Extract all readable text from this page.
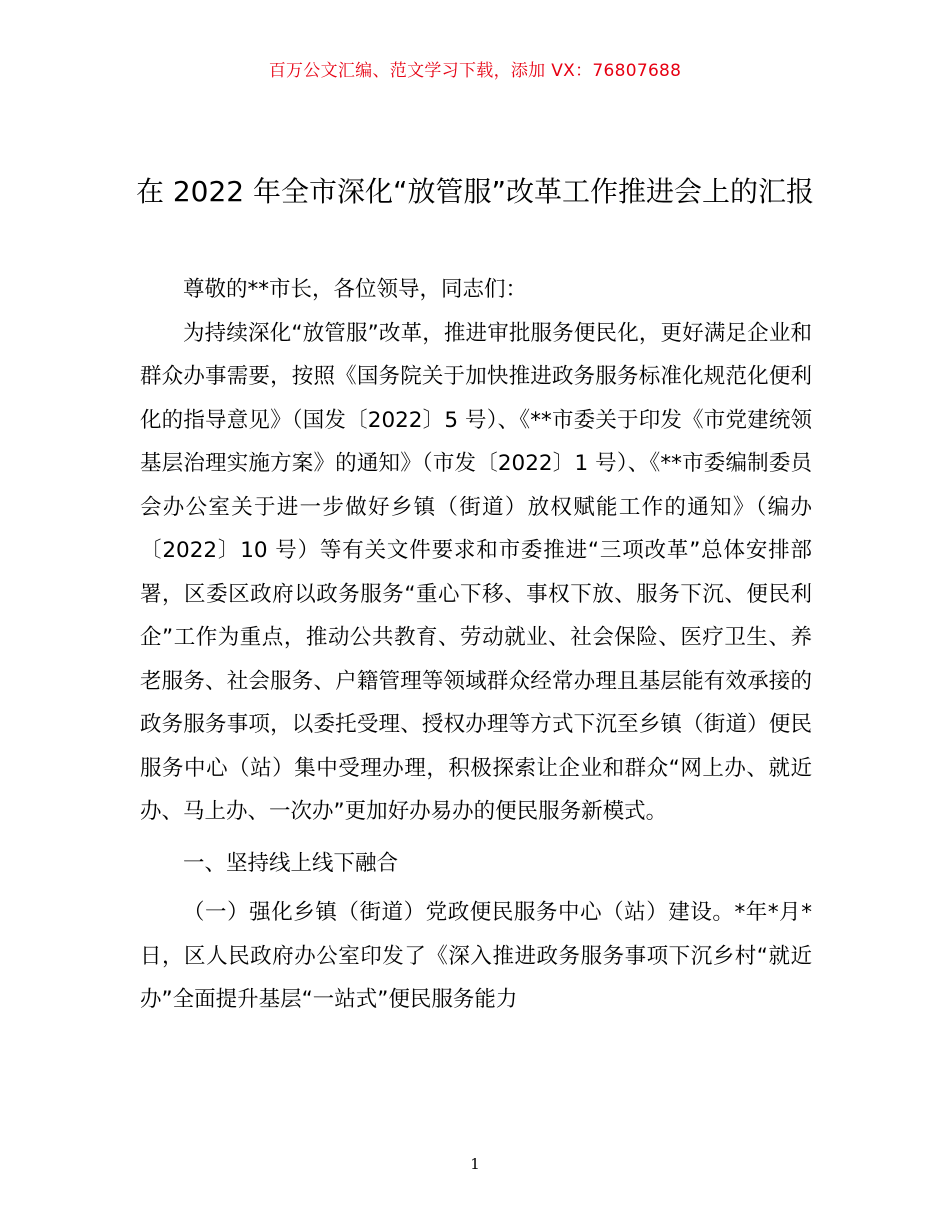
百万公文汇编、范文学习下载，添加 VX：76807688
在 2022 年全市深化“放管服”改革工作推进会上的汇报

尊敬的**市长，各位领导，同志们：

为持续深化“放管服”改革，推进审批服务便民化，更好满足企业和群众办事需要，按照《国务院关于加快推进政务服务标准化规范化便利化的指导意见》（国发〔2022〕5 号）、《**市委关于印发《市党建统领基层治理实施方案》的通知》（市发〔2022〕1 号）、《**市委编制委员会办公室关于进一步做好乡镇（街道）放权赋能工作的通知》（编办〔2022〕10 号）等有关文件要求和市委推进“三项改革”总体安排部署，区委区政府以政务服务“重心下移、事权下放、服务下沉、便民利企”工作为重点，推动公共教育、劳动就业、社会保险、医疗卫生、养老服务、社会服务、户籍管理等领域群众经常办理且基层能有效承接的政务服务事项，以委托受理、授权办理等方式下沉至乡镇（街道）便民服务中心（站）集中受理办理，积极探索让企业和群众“网上办、就近办、马上办、一次办”更加好办易办的便民服务新模式。

一、坚持线上线下融合

（一）强化乡镇（街道）党政便民服务中心（站）建设。*年*月*日，区人民政府办公室印发了《深入推进政务服务事项下沉乡村“就近办”全面提升基层“一站式”便民服务能力

1
